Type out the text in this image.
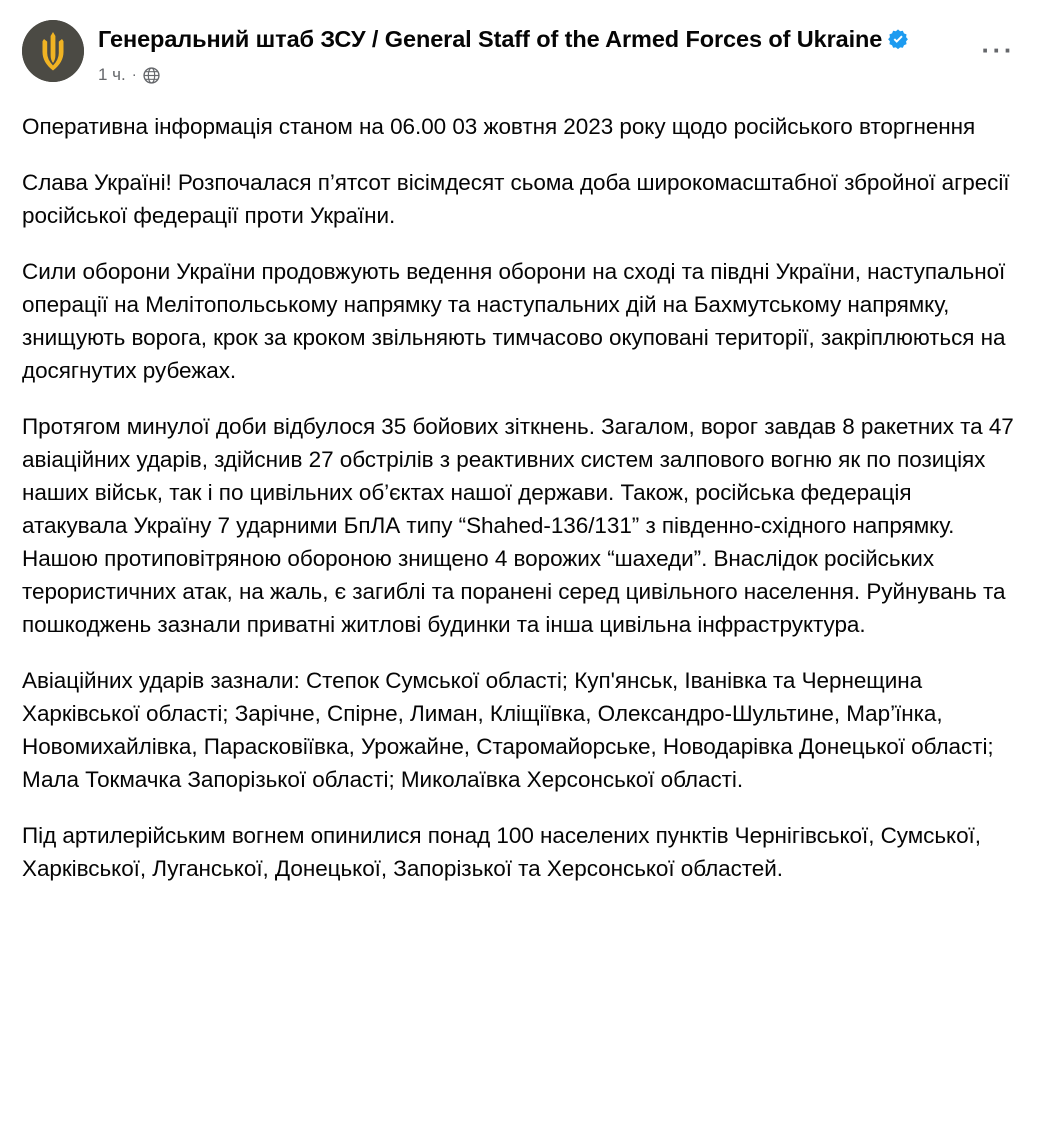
Генеральний штаб ЗСУ / General Staff of the Armed Forces of Ukraine
1 ч. ·
···

Оперативна інформація станом на 06.00 03 жовтня 2023 року щодо російського вторгнення

Слава Україні! Розпочалася п’ятсот вісімдесят сьома доба широкомасштабної збройної агресії російської федерації проти України.

Сили оборони України продовжують ведення оборони на сході та півдні України, наступальної операції на Мелітопольському напрямку та наступальних дій на Бахмутському напрямку, знищують ворога, крок за кроком звільняють тимчасово окуповані території, закріплюються на досягнутих рубежах.

Протягом минулої доби відбулося 35 бойових зіткнень. Загалом, ворог завдав 8 ракетних та 47 авіаційних ударів, здійснив 27 обстрілів з реактивних систем залпового вогню як по позиціях наших військ, так і по цивільних об’єктах нашої держави. Також, російська федерація атакувала Україну 7 ударними БпЛА типу “Shahed-136/131” з південно-східного напрямку. Нашою протиповітряною обороною знищено 4 ворожих “шахеди”. Внаслідок російських терористичних атак, на жаль, є загиблі та поранені серед цивільного населення. Руйнувань та пошкоджень зазнали приватні житлові будинки та інша цивільна інфраструктура.

Авіаційних ударів зазнали: Степок Сумської області; Куп'янськ, Іванівка та Чернещина Харківської області; Зарічне, Спірне, Лиман, Кліщіївка, Олександро-Шультине, Мар’їнка, Новомихайлівка, Парасковіївка, Урожайне, Старомайорське, Новодарівка Донецької області; Мала Токмачка Запорізької області; Миколаївка Херсонської області.

Під артилерійським вогнем опинилися понад 100 населених пунктів Чернігівської, Сумської, Харківської, Луганської, Донецької, Запорізької та Херсонської областей.
